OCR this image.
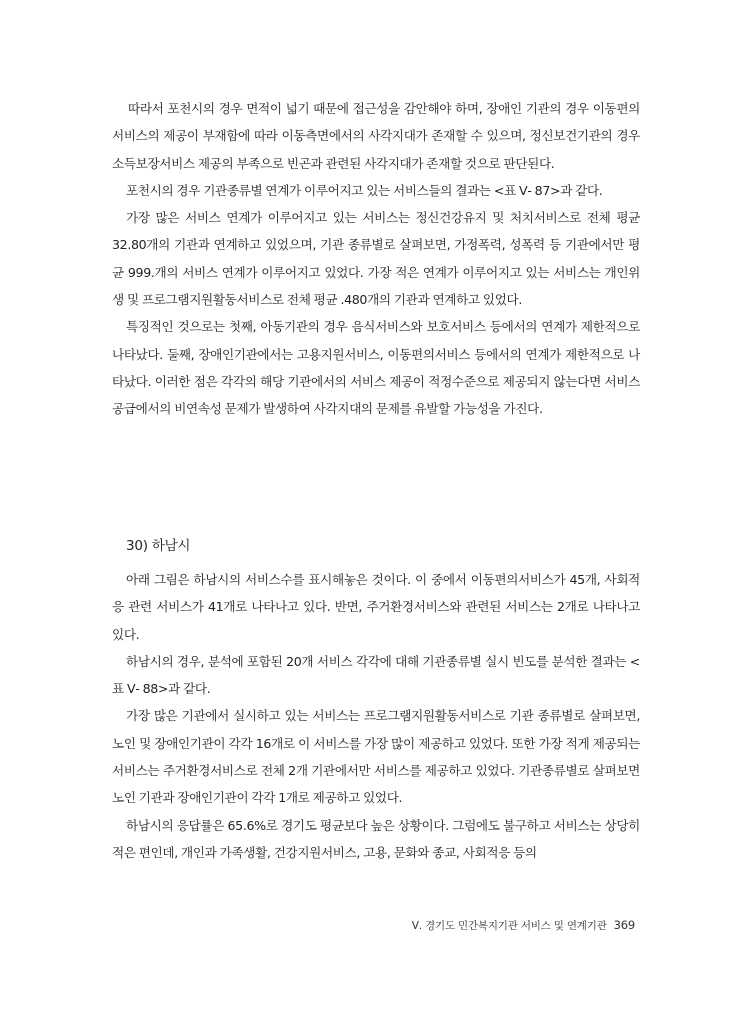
따라서 포천시의 경우 면적이 넓기 때문에 접근성을 감안해야 하며, 장애인 기관의 경우 이동편의서비스의 제공이 부재함에 따라 이동측면에서의 사각지대가 존재할 수 있으며, 정신보건기관의 경우 소득보장서비스 제공의 부족으로 빈곤과 관련된 사각지대가 존재할 것으로 판단된다.

포천시의 경우 기관종류별 연계가 이루어지고 있는 서비스들의 결과는 <표 Ⅴ- 87>과 같다.

가장 많은 서비스 연계가 이루어지고 있는 서비스는 정신건강유지 및 처치서비스로 전체 평균 32.80개의 기관과 연계하고 있었으며, 기관 종류별로 살펴보면, 가정폭력, 성폭력 등 기관에서만 평균 999.개의 서비스 연계가 이루어지고 있었다. 가장 적은 연계가 이루어지고 있는 서비스는 개인위생 및 프로그램지원활동서비스로 전체 평균 .480개의 기관과 연계하고 있었다.

특징적인 것으로는 첫째, 아동기관의 경우 음식서비스와 보호서비스 등에서의 연계가 제한적으로 나타났다. 둘째, 장애인기관에서는 고용지원서비스, 이동편의서비스 등에서의 연계가 제한적으로 나타났다. 이러한 점은 각각의 해당 기관에서의 서비스 제공이 적정수준으로 제공되지 않는다면 서비스 공급에서의 비연속성 문제가 발생하여 사각지대의 문제를 유발할 가능성을 가진다.

30) 하남시

아래 그림은 하남시의 서비스수를 표시해놓은 것이다. 이 중에서 이동편의서비스가 45개, 사회적응 관련 서비스가 41개로 나타나고 있다. 반면, 주거환경서비스와 관련된 서비스는 2개로 나타나고 있다.

하남시의 경우, 분석에 포함된 20개 서비스 각각에 대해 기관종류별 실시 빈도를 분석한 결과는 <표 Ⅴ- 88>과 같다.

가장 많은 기관에서 실시하고 있는 서비스는 프로그램지원활동서비스로 기관 종류별로 살펴보면, 노인 및 장애인기관이 각각 16개로 이 서비스를 가장 많이 제공하고 있었다. 또한 가장 적게 제공되는 서비스는 주거환경서비스로 전체 2개 기관에서만 서비스를 제공하고 있었다. 기관종류별로 살펴보면 노인 기관과 장애인기관이 각각 1개로 제공하고 있었다.

하남시의 응답률은 65.6%로 경기도 평균보다 높은 상황이다. 그럼에도 불구하고 서비스는 상당히 적은 편인데, 개인과 가족생활, 건강지원서비스, 고용, 문화와 종교, 사회적응 등의

Ⅴ. 경기도 민간복지기관 서비스 및 연계기관 369
